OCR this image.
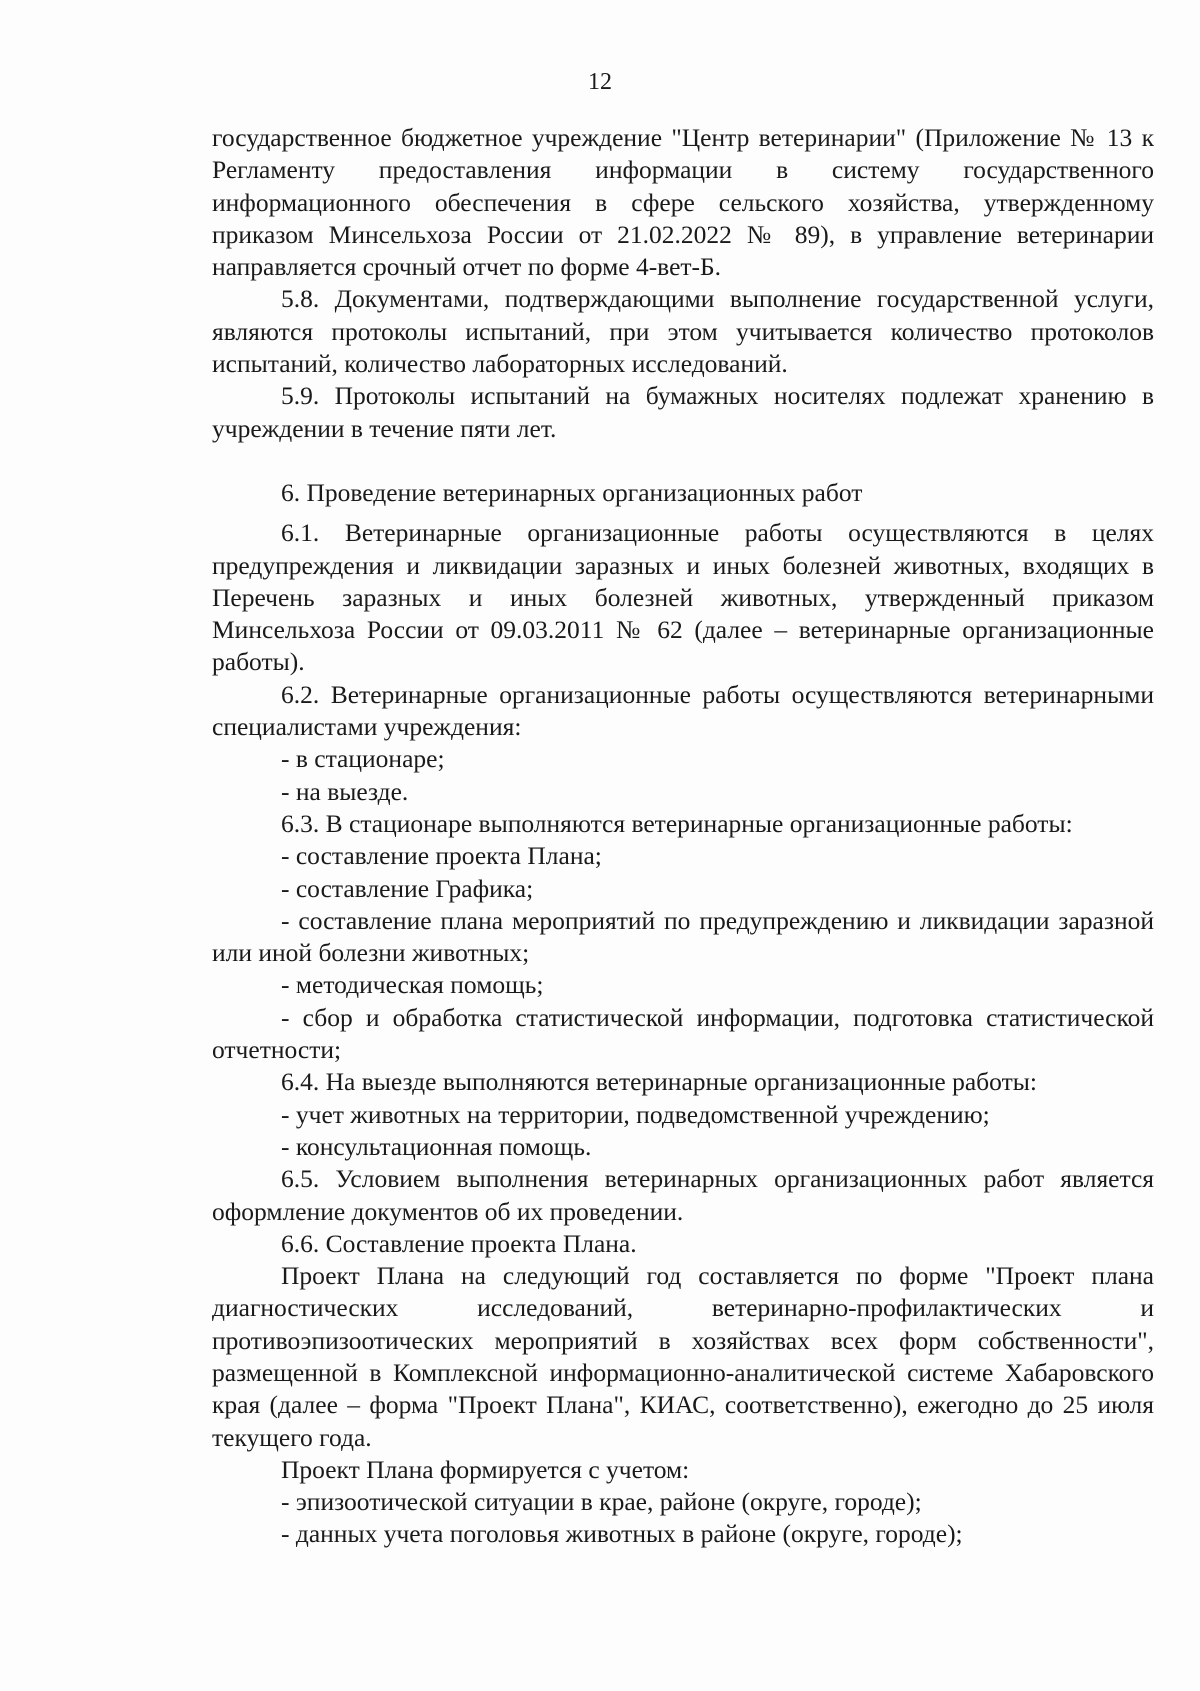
12

государственное бюджетное учреждение "Центр ветеринарии" (Приложение № 13 к Регламенту предоставления информации в систему государственного информационного обеспечения в сфере сельского хозяйства, утвержденному приказом Минсельхоза России от 21.02.2022 № 89), в управление ветеринарии направляется срочный отчет по форме 4-вет-Б.

5.8. Документами, подтверждающими выполнение государственной услуги, являются протоколы испытаний, при этом учитывается количество протоколов испытаний, количество лабораторных исследований.

5.9. Протоколы испытаний на бумажных носителях подлежат хранению в учреждении в течение пяти лет.

6. Проведение ветеринарных организационных работ

6.1. Ветеринарные организационные работы осуществляются в целях предупреждения и ликвидации заразных и иных болезней животных, входящих в Перечень заразных и иных болезней животных, утвержденный приказом Минсельхоза России от 09.03.2011 № 62 (далее – ветеринарные организационные работы).

6.2. Ветеринарные организационные работы осуществляются ветеринарными специалистами учреждения:

- в стационаре;

- на выезде.

6.3. В стационаре выполняются ветеринарные организационные работы:

- составление проекта Плана;

- составление Графика;

- составление плана мероприятий по предупреждению и ликвидации заразной или иной болезни животных;

- методическая помощь;

- сбор и обработка статистической информации, подготовка статистической отчетности;

6.4. На выезде выполняются ветеринарные организационные работы:

- учет животных на территории, подведомственной учреждению;

- консультационная помощь.

6.5. Условием выполнения ветеринарных организационных работ является оформление документов об их проведении.

6.6. Составление проекта Плана.

Проект Плана на следующий год составляется по форме "Проект плана диагностических исследований, ветеринарно-профилактических и противоэпизоотических мероприятий в хозяйствах всех форм собственности", размещенной в Комплексной информационно-аналитической системе Хабаровского края (далее – форма "Проект Плана", КИАС, соответственно), ежегодно до 25 июля текущего года.

Проект Плана формируется с учетом:

- эпизоотической ситуации в крае, районе (округе, городе);

- данных учета поголовья животных в районе (округе, городе);
